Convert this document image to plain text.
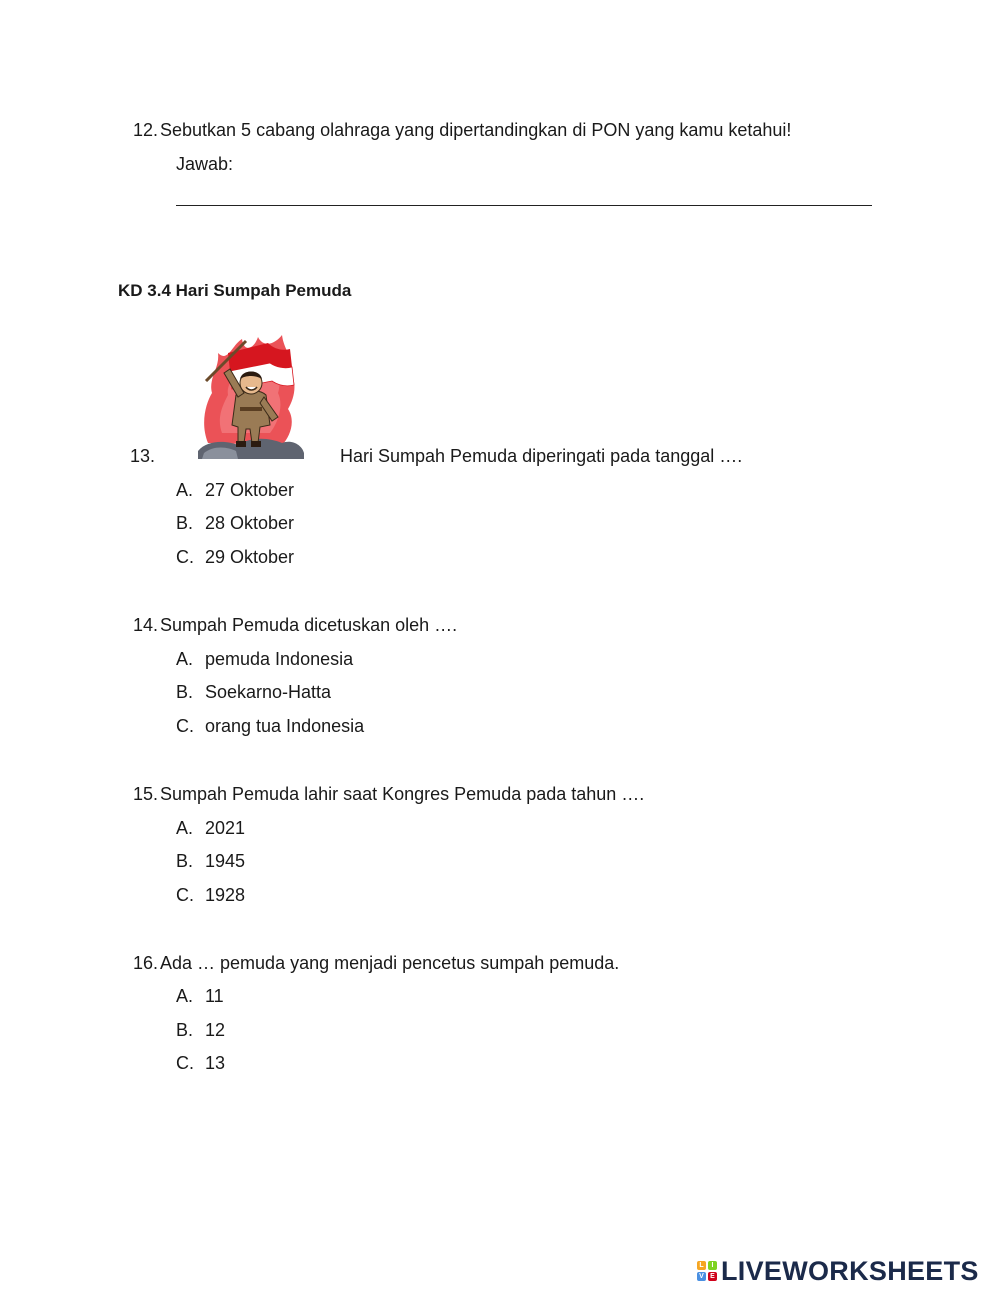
12. Sebutkan 5 cabang olahraga yang dipertandingkan di PON yang kamu ketahui!
Jawab:
KD 3.4 Hari Sumpah Pemuda
13.	Hari Sumpah Pemuda diperingati pada tanggal ….
A. 27 Oktober
B. 28 Oktober
C. 29 Oktober
14. Sumpah Pemuda dicetuskan oleh ….
A. pemuda Indonesia
B. Soekarno-Hatta
C. orang tua Indonesia
15. Sumpah Pemuda lahir saat Kongres Pemuda pada tahun ….
A. 2021
B. 1945
C. 1928
16. Ada … pemuda yang menjadi pencetus sumpah pemuda.
A. 11
B. 12
C. 13
L	I
V E LIVEWORKSHEETS
